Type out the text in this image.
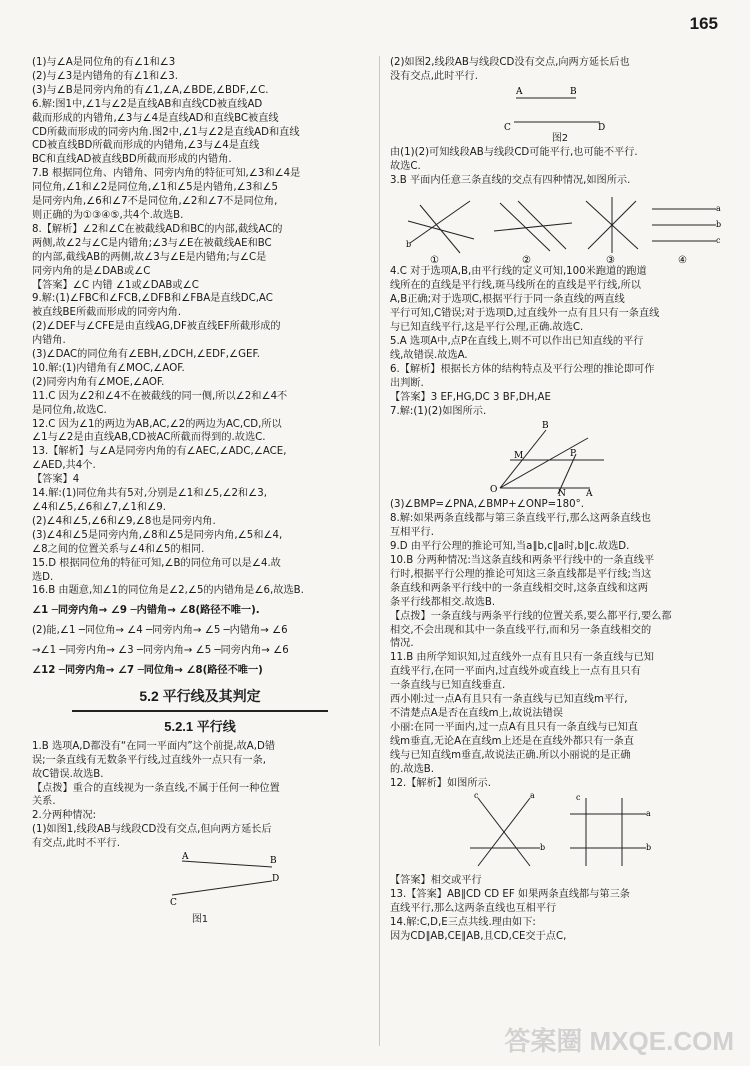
165
(1)与∠A是同位角的有∠1和∠3
(2)与∠3是内错角的有∠1和∠3.
(3)与∠B是同旁内角的有∠1,∠A,∠BDE,∠BDF,∠C.
6.解:图1中,∠1与∠2是直线AB和直线CD被直线AD
截而形成的内错角,∠3与∠4是直线AD和直线BC被直线
CD所截而形成的同旁内角.图2中,∠1与∠2是直线AD和直线
CD被直线BD所截而形成的内错角,∠3与∠4是直线
BC和直线AD被直线BD所截而形成的内错角.
7.B 根据同位角、内错角、同旁内角的特征可知,∠3和∠4是
同位角,∠1和∠2是同位角,∠1和∠5是内错角,∠3和∠5
是同旁内角,∠6和∠7不是同位角,∠2和∠7不是同位角,
则正确的为①③④⑤,共4个.故选B.
8.【解析】∠2和∠C在被截线AD和BC的内部,截线AC的
两侧,故∠2与∠C是内错角;∠3与∠E在被截线AE和BC
的内部,截线AB的两侧,故∠3与∠E是内错角;与∠C是
同旁内角的是∠DAB或∠C
【答案】∠C 内错 ∠1或∠DAB或∠C
9.解:(1)∠FBC和∠FCB,∠DFB和∠FBA是直线DC,AC
被直线BE所截而形成的同旁内角.
(2)∠DEF与∠CFE是由直线AG,DF被直线EF所截形成的
内错角.
(3)∠DAC的同位角有∠EBH,∠DCH,∠EDF,∠GEF.
10.解:(1)内错角有∠MOC,∠AOF.
(2)同旁内角有∠MOE,∠AOF.
11.C 因为∠2和∠4不在被截线的同一侧,所以∠2和∠4不
是同位角,故选C.
12.C 因为∠1的两边为AB,AC,∠2的两边为AC,CD,所以
∠1与∠2是由直线AB,CD被AC所截而得到的.故选C.
13.【解析】与∠A是同旁内角的有∠AEC,∠ADC,∠ACE,
∠AED,共4个.
【答案】4
14.解:(1)同位角共有5对,分别是∠1和∠5,∠2和∠3,
∠4和∠5,∠6和∠7,∠1和∠9.
(2)∠4和∠5,∠6和∠9,∠8也是同旁内角.
(3)∠4和∠5是同旁内角,∠8和∠5是同旁内角,∠5和∠4,
∠8之间的位置关系与∠4和∠5的相同.
15.D 根据同位角的特征可知,∠B的同位角可以是∠4.故
选D.
16.B 由题意,知∠1的同位角是∠2,∠5的内错角是∠6,故选B.
∠1 ─同旁内角→ ∠9 ─内错角→ ∠8(路径不唯一).
(2)能,∠1 ─同位角→ ∠4 ─同旁内角→ ∠5 ─内错角→ ∠6
→∠1 ─同旁内角→ ∠3 ─同旁内角→ ∠5 ─同旁内角→ ∠6
∠12 ─同旁内角→ ∠7 ─同位角→ ∠8(路径不唯一)
5.2 平行线及其判定
5.2.1 平行线
1.B 选项A,D都没有“在同一平面内”这个前提,故A,D错
误;一条直线有无数条平行线,过直线外一点只有一条,
故C错误.故选B.
【点拨】重合的直线视为一条直线,不属于任何一种位置
关系.
2.分两种情况:
(1)如图1,线段AB与线段CD没有交点,但向两方延长后
有交点,此时不平行.
A	B
C
D
图1
(2)如图2,线段AB与线段CD没有交点,向两方延长后也
没有交点,此时平行.
A	B
C	D
图2
由(1)(2)可知线段AB与线段CD可能平行,也可能不平行.
故选C.
3.B 平面内任意三条直线的交点有四种情况,如图所示.
b
a
b
c
①	②	③	④
4.C 对于选项A,B,由平行线的定义可知,100米跑道的跑道
线所在的直线是平行线,斑马线所在的直线是平行线,所以
A,B正确;对于选项C,根据平行于同一条直线的两直线
平行可知,C错误;对于选项D,过直线外一点有且只有一条直线
与已知直线平行,这是平行公理,正确.故选C.
5.A 选项A中,点P在直线上,则不可以作出已知直线的平行
线,故错误.故选A.
6.【解析】根据长方体的结构特点及平行公理的推论即可作
出判断.
【答案】3 EF,HG,DC 3 BF,DH,AE
7.解:(1)(2)如图所示.
B
M	P
O	N A
(3)∠BMP=∠PNA,∠BMP+∠ONP=180°.
8.解:如果两条直线都与第三条直线平行,那么这两条直线也
互相平行.
9.D 由平行公理的推论可知,当a∥b,c∥a时,b∥c.故选D.
10.B 分两种情况:当这条直线和两条平行线中的一条直线平
行时,根据平行公理的推论可知这三条直线都是平行线;当这
条直线和两条平行线中的一条直线相交时,这条直线和这两
条平行线都相交.故选B.
【点拨】一条直线与两条平行线的位置关系,要么都平行,要么都
相交,不会出现和其中一条直线平行,而和另一条直线相交的
情况.
11.B 由所学知识知,过直线外一点有且只有一条直线与已知
直线平行,在同一平面内,过直线外或直线上一点有且只有
一条直线与已知直线垂直.
西小刚:过一点A有且只有一条直线与已知直线m平行,
不清楚点A是否在直线m上,故说法错误
小丽:在同一平面内,过一点A有且只有一条直线与已知直
线m垂直,无论A在直线m上还是在直线外都只有一条直
线与已知直线m垂直,故说法正确.所以小丽说的是正确
的.故选B.
12.【解析】如图所示.
c	a
b
a
b
c
【答案】相交或平行
13.【答案】AB∥CD CD EF 如果两条直线都与第三条
直线平行,那么这两条直线也互相平行
14.解:C,D,E三点共线.理由如下:
因为CD∥AB,CE∥AB,且CD,CE交于点C,
答案圈 MXQE.COM
